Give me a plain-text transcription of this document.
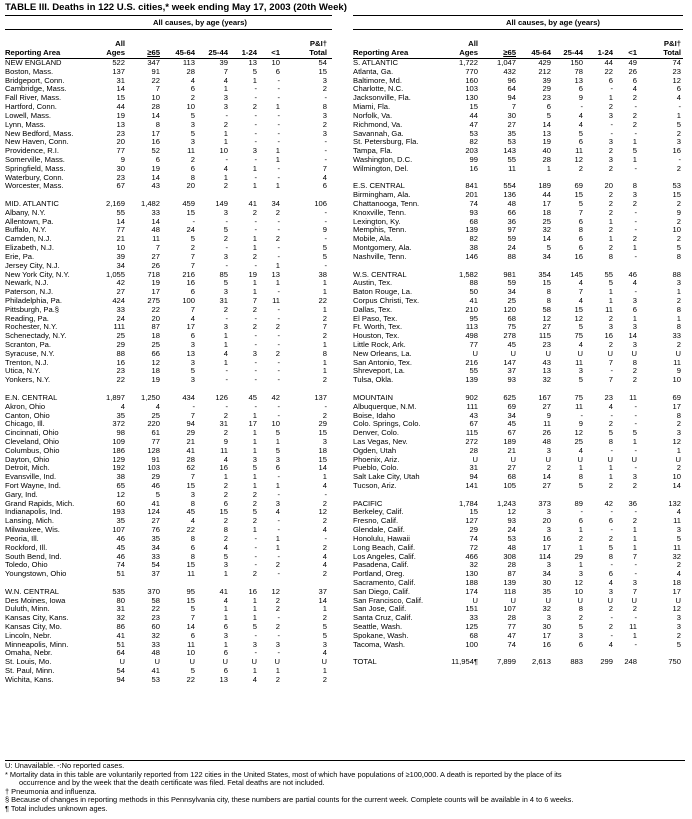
TABLE III. Deaths in 122 U.S. cities,* week ending May 17, 2003 (20th Week)
All causes, by age (years)
Reporting Area
All Ages	≥65	45-64	25-44	1-24	<1
P&I† Total
NEW ENGLAND	522	347	113	39	13	10	54
Boston, Mass.	137	91	28	7	5	6	15
Bridgeport, Conn.	31	22	4	4	1	-	3
Cambridge, Mass.	14	7	6	1	-	-	2
Fall River, Mass.	15	10	2	3	-	-	-
Hartford, Conn.	44	28	10	3	2	1	8
Lowell, Mass.	19	14	5	-	-	-	3
Lynn, Mass.	13	8	3	2	-	-	2
New Bedford, Mass.	23	17	5	1	-	-	3
New Haven, Conn.	20	16	3	1	-	-	-
Providence, R.I.	77	52	11	10	3	1	-
Somerville, Mass.	9	6	2	-	-	1	-
Springfield, Mass.	30	19	6	4	1	-	7
Waterbury, Conn.	23	14	8	1	-	-	4
Worcester, Mass.	67	43	20	2	1	1	6
MID. ATLANTIC	2,169	1,482	459	149	41	34	106
Albany, N.Y.	55	33	15	3	2	2	-
Allentown, Pa.	14	14	-	-	-	-	-
Buffalo, N.Y.	77	48	24	5	-	-	9
Camden, N.J.	21	11	5	2	1	2	-
Elizabeth, N.J.	10	7	2	-	1	-	5
Erie, Pa.	39	27	7	3	2	-	5
Jersey City, N.J.	34	26	7	-	-	1	-
New York City, N.Y.	1,055	718	216	85	19	13	38
Newark, N.J.	42	19	16	5	1	1	1
Paterson, N.J.	27	17	6	3	1	-	1
Philadelphia, Pa.	424	275	100	31	7	11	22
Pittsburgh, Pa.§	33	22	7	2	2	-	1
Reading, Pa.	24	20	4	-	-	-	2
Rochester, N.Y.	111	87	17	3	2	2	7
Schenectady, N.Y.	25	18	6	1	-	-	2
Scranton, Pa.	29	25	3	1	-	-	1
Syracuse, N.Y.	88	66	13	4	3	2	8
Trenton, N.J.	16	12	3	1	-	-	1
Utica, N.Y.	23	18	5	-	-	-	1
Yonkers, N.Y.	22	19	3	-	-	-	2
E.N. CENTRAL	1,897	1,250	434	126	45	42	137
Akron, Ohio	4	4	-	-	-	-	-
Canton, Ohio	35	25	7	2	1	-	2
Chicago, Ill.	372	220	94	31	17	10	29
Cincinnati, Ohio	98	61	29	2	1	5	15
Cleveland, Ohio	109	77	21	9	1	1	3
Columbus, Ohio	186	128	41	11	1	5	18
Dayton, Ohio	129	91	28	4	3	3	15
Detroit, Mich.	192	103	62	16	5	6	14
Evansville, Ind.	38	29	7	1	1	-	1
Fort Wayne, Ind.	65	46	15	2	1	1	4
Gary, Ind.	12	5	3	2	2	-	-
Grand Rapids, Mich.	60	41	8	6	2	3	2
Indianapolis, Ind.	193	124	45	15	5	4	12
Lansing, Mich.	35	27	4	2	2	-	2
Milwaukee, Wis.	107	76	22	8	1	-	4
Peoria, Ill.	46	35	8	2	-	1	-
Rockford, Ill.	45	34	6	4	-	1	2
South Bend, Ind.	46	33	8	5	-	-	4
Toledo, Ohio	74	54	15	3	-	2	4
Youngstown, Ohio	51	37	11	1	2	-	2
W.N. CENTRAL	535	370	95	41	16	12	37
Des Moines, Iowa	80	58	15	4	1	2	14
Duluth, Minn.	31	22	5	1	1	2	1
Kansas City, Kans.	32	23	7	1	1	-	2
Kansas City, Mo.	86	60	14	6	5	2	5
Lincoln, Nebr.	41	32	6	3	-	-	5
Minneapolis, Minn.	51	33	11	1	3	3	3
Omaha, Nebr.	64	48	10	6	-	-	4
St. Louis, Mo.	U	U	U	U	U	U	U
St. Paul, Minn.	54	41	5	6	1	1	1
Wichita, Kans.	94	53	22	13	4	2	2
All causes, by age (years)
Reporting Area
All Ages	≥65	45-64	25-44	1-24	<1
P&I† Total
S. ATLANTIC	1,722	1,047	429	150	44	49	74
Atlanta, Ga.	770	432	212	78	22	26	23
Baltimore, Md.	160	96	39	13	6	6	12
Charlotte, N.C.	103	64	29	6	-	4	6
Jacksonville, Fla.	130	94	23	9	1	2	4
Miami, Fla.	15	7	6	-	2	-	-
Norfolk, Va.	44	30	5	4	3	2	1
Richmond, Va.	47	27	14	4	-	2	5
Savannah, Ga.	53	35	13	5	-	-	2
St. Petersburg, Fla.	82	53	19	6	3	1	3
Tampa, Fla.	203	143	40	11	2	5	16
Washington, D.C.	99	55	28	12	3	1	-
Wilmington, Del.	16	11	1	2	2	-	2
E.S. CENTRAL	841	554	189	69	20	8	53
Birmingham, Ala.	201	136	44	15	2	3	15
Chattanooga, Tenn.	74	48	17	5	2	2	2
Knoxville, Tenn.	93	66	18	7	2	-	9
Lexington, Ky.	68	36	25	6	1	-	2
Memphis, Tenn.	139	97	32	8	2	-	10
Mobile, Ala.	82	59	14	6	1	2	2
Montgomery, Ala.	38	24	5	6	2	1	5
Nashville, Tenn.	146	88	34	16	8	-	8
W.S. CENTRAL	1,582	981	354	145	55	46	88
Austin, Tex.	88	59	15	4	5	4	3
Baton Rouge, La.	50	34	8	7	1	-	1
Corpus Christi, Tex.	41	25	8	4	1	3	2
Dallas, Tex.	210	120	58	15	11	6	8
El Paso, Tex.	95	68	12	12	2	1	1
Ft. Worth, Tex.	113	75	27	5	3	3	8
Houston, Tex.	498	278	115	75	16	14	33
Little Rock, Ark.	77	45	23	4	2	3	2
New Orleans, La.	U	U	U	U	U	U	U
San Antonio, Tex.	216	147	43	11	7	8	11
Shreveport, La.	55	37	13	3	-	2	9
Tulsa, Okla.	139	93	32	5	7	2	10
MOUNTAIN	902	625	167	75	23	11	69
Albuquerque, N.M.	111	69	27	11	4	-	17
Boise, Idaho	43	34	9	-	-	-	8
Colo. Springs, Colo.	67	45	11	9	2	-	2
Denver, Colo.	115	67	26	12	5	5	3
Las Vegas, Nev.	272	189	48	25	8	1	12
Ogden, Utah	28	21	3	4	-	-	1
Phoenix, Ariz.	U	U	U	U	U	U	U
Pueblo, Colo.	31	27	2	1	1	-	2
Salt Lake City, Utah	94	68	14	8	1	3	10
Tucson, Ariz.	141	105	27	5	2	2	14
PACIFIC	1,784	1,243	373	89	42	36	132
Berkeley, Calif.	15	12	3	-	-	-	4
Fresno, Calif.	127	93	20	6	6	2	11
Glendale, Calif.	29	24	3	1	-	1	3
Honolulu, Hawaii	74	53	16	2	2	1	5
Long Beach, Calif.	72	48	17	1	5	1	11
Los Angeles, Calif.	466	308	114	29	8	7	32
Pasadena, Calif.	32	28	3	1	-	-	2
Portland, Oreg.	130	87	34	3	6	-	4
Sacramento, Calif.	188	139	30	12	4	3	18
San Diego, Calif.	174	118	35	10	3	7	17
San Francisco, Calif.	U	U	U	U	U	U	U
San Jose, Calif.	151	107	32	8	2	2	12
Santa Cruz, Calif.	33	28	3	2	-	-	3
Seattle, Wash.	125	77	30	5	2	11	3
Spokane, Wash.	68	47	17	3	-	1	2
Tacoma, Wash.	100	74	16	6	4	-	5
TOTAL	11,954¶	7,899	2,613	883	299	248	750
U: Unavailable. -:No reported cases.
* Mortality data in this table are voluntarily reported from 122 cities in the United States, most of which have populations of ≥100,000. A death is reported by the place of its
occurrence and by the week that the death certificate was filed. Fetal deaths are not included.
† Pneumonia and influenza.
§ Because of changes in reporting methods in this Pennsylvania city, these numbers are partial counts for the current week. Complete counts will be available in 4 to 6 weeks.
¶ Total includes unknown ages.
